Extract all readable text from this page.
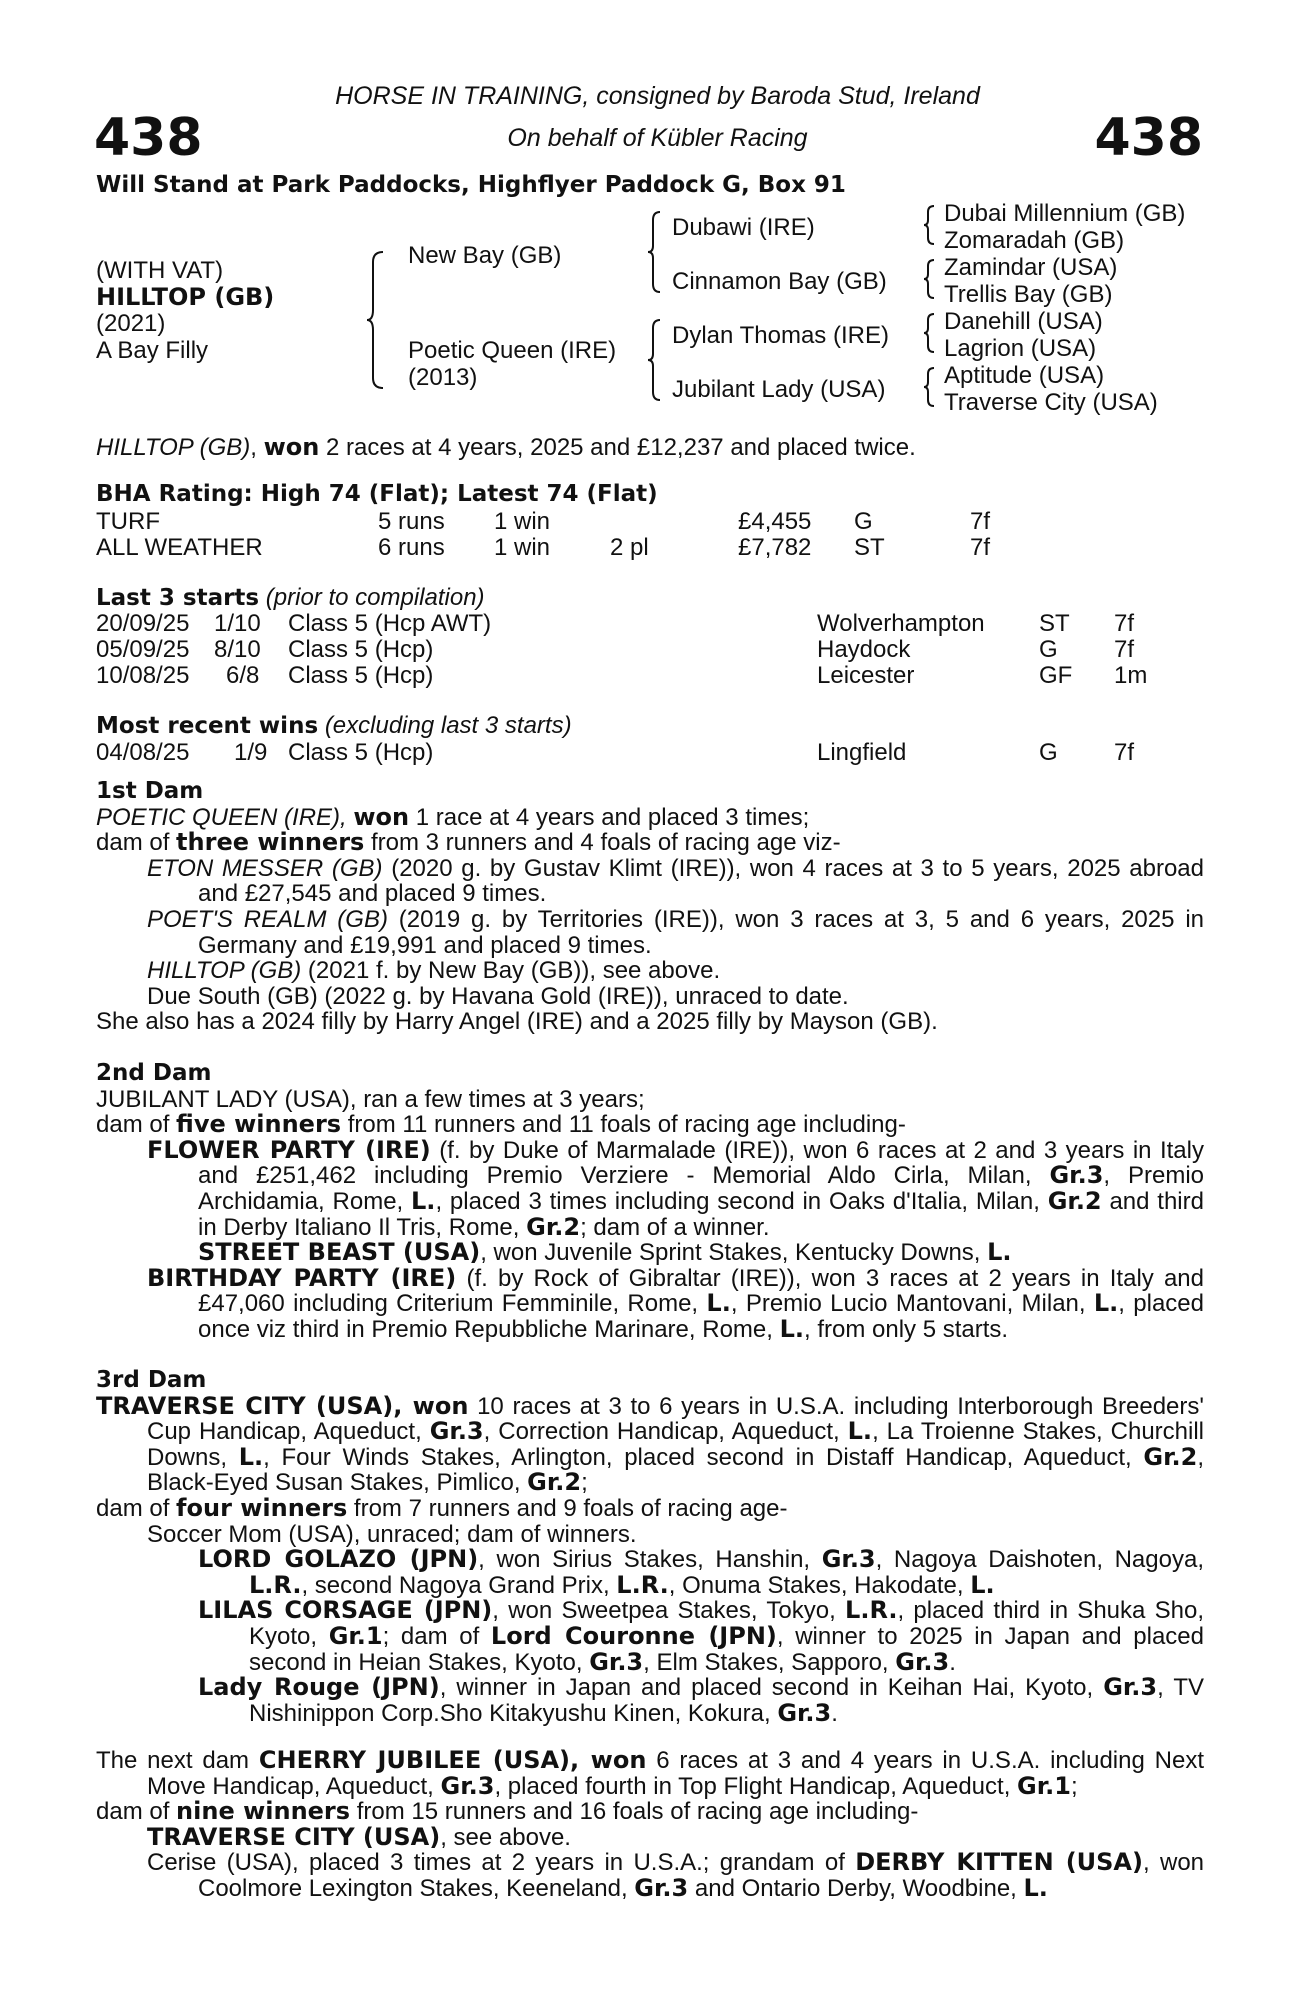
438	438
HORSE IN TRAINING, consigned by Baroda Stud, Ireland
On behalf of Kübler Racing
Will Stand at Park Paddocks, Highflyer Paddock G, Box 91
(WITH VAT)
HILLTOP (GB)
(2021)
A Bay Filly
New Bay (GB)
Poetic Queen (IRE)
(2013)
Dubawi (IRE)
Cinnamon Bay (GB)
Dylan Thomas (IRE)
Jubilant Lady (USA)
Dubai Millennium (GB)
Zomaradah (GB)
Zamindar (USA)
Trellis Bay (GB)
Danehill (USA)
Lagrion (USA)
Aptitude (USA)
Traverse City (USA)
HILLTOP (GB), won 2 races at 4 years, 2025 and £12,237 and placed twice.
BHA Rating: High 74 (Flat); Latest 74 (Flat)
TURF	5 runs 1 win	£4,455 G	7f
ALL WEATHER	6 runs 1 win 2 pl	£7,782 ST	7f
Last 3 starts (prior to compilation)
20/09/25 1/10 Class 5 (Hcp AWT)	Wolverhampton ST 7f
05/09/25 8/10 Class 5 (Hcp)	Haydock	G 7f
10/08/25 6/8 Class 5 (Hcp)	Leicester	GF 1m
Most recent wins (excluding last 3 starts)
04/08/25 1/9 Class 5 (Hcp)	Lingfield	G 7f

1st Dam

POETIC QUEEN (IRE), won 1 race at 4 years and placed 3 times;

dam of three winners from 3 runners and 4 foals of racing age viz-

ETON MESSER (GB) (2020 g. by Gustav Klimt (IRE)), won 4 races at 3 to 5 years, 2025 abroad and £27,545 and placed 9 times.

POET'S REALM (GB) (2019 g. by Territories (IRE)), won 3 races at 3, 5 and 6 years, 2025 in Germany and £19,991 and placed 9 times.

HILLTOP (GB) (2021 f. by New Bay (GB)), see above.

Due South (GB) (2022 g. by Havana Gold (IRE)), unraced to date.

She also has a 2024 filly by Harry Angel (IRE) and a 2025 filly by Mayson (GB).

2nd Dam

JUBILANT LADY (USA), ran a few times at 3 years;

dam of five winners from 11 runners and 11 foals of racing age including-

FLOWER PARTY (IRE) (f. by Duke of Marmalade (IRE)), won 6 races at 2 and 3 years in Italy and £251,462 including Premio Verziere - Memorial Aldo Cirla, Milan, Gr.3, Premio Archidamia, Rome, L., placed 3 times including second in Oaks d'Italia, Milan, Gr.2 and third in Derby Italiano Il Tris, Rome, Gr.2; dam of a winner.

STREET BEAST (USA), won Juvenile Sprint Stakes, Kentucky Downs, L.

BIRTHDAY PARTY (IRE) (f. by Rock of Gibraltar (IRE)), won 3 races at 2 years in Italy and £47,060 including Criterium Femminile, Rome, L., Premio Lucio Mantovani, Milan, L., placed once viz third in Premio Repubbliche Marinare, Rome, L., from only 5 starts.

3rd Dam

TRAVERSE CITY (USA), won 10 races at 3 to 6 years in U.S.A. including Interborough Breeders' Cup Handicap, Aqueduct, Gr.3, Correction Handicap, Aqueduct, L., La Troienne Stakes, Churchill Downs, L., Four Winds Stakes, Arlington, placed second in Distaff Handicap, Aqueduct, Gr.2, Black-Eyed Susan Stakes, Pimlico, Gr.2;

dam of four winners from 7 runners and 9 foals of racing age-

Soccer Mom (USA), unraced; dam of winners.

LORD GOLAZO (JPN), won Sirius Stakes, Hanshin, Gr.3, Nagoya Daishoten, Nagoya, L.R., second Nagoya Grand Prix, L.R., Onuma Stakes, Hakodate, L.

LILAS CORSAGE (JPN), won Sweetpea Stakes, Tokyo, L.R., placed third in Shuka Sho, Kyoto, Gr.1; dam of Lord Couronne (JPN), winner to 2025 in Japan and placed second in Heian Stakes, Kyoto, Gr.3, Elm Stakes, Sapporo, Gr.3.

Lady Rouge (JPN), winner in Japan and placed second in Keihan Hai, Kyoto, Gr.3, TV Nishinippon Corp.Sho Kitakyushu Kinen, Kokura, Gr.3.

The next dam CHERRY JUBILEE (USA), won 6 races at 3 and 4 years in U.S.A. including Next Move Handicap, Aqueduct, Gr.3, placed fourth in Top Flight Handicap, Aqueduct, Gr.1;

dam of nine winners from 15 runners and 16 foals of racing age including-

TRAVERSE CITY (USA), see above.

Cerise (USA), placed 3 times at 2 years in U.S.A.; grandam of DERBY KITTEN (USA), won Coolmore Lexington Stakes, Keeneland, Gr.3 and Ontario Derby, Woodbine, L.
